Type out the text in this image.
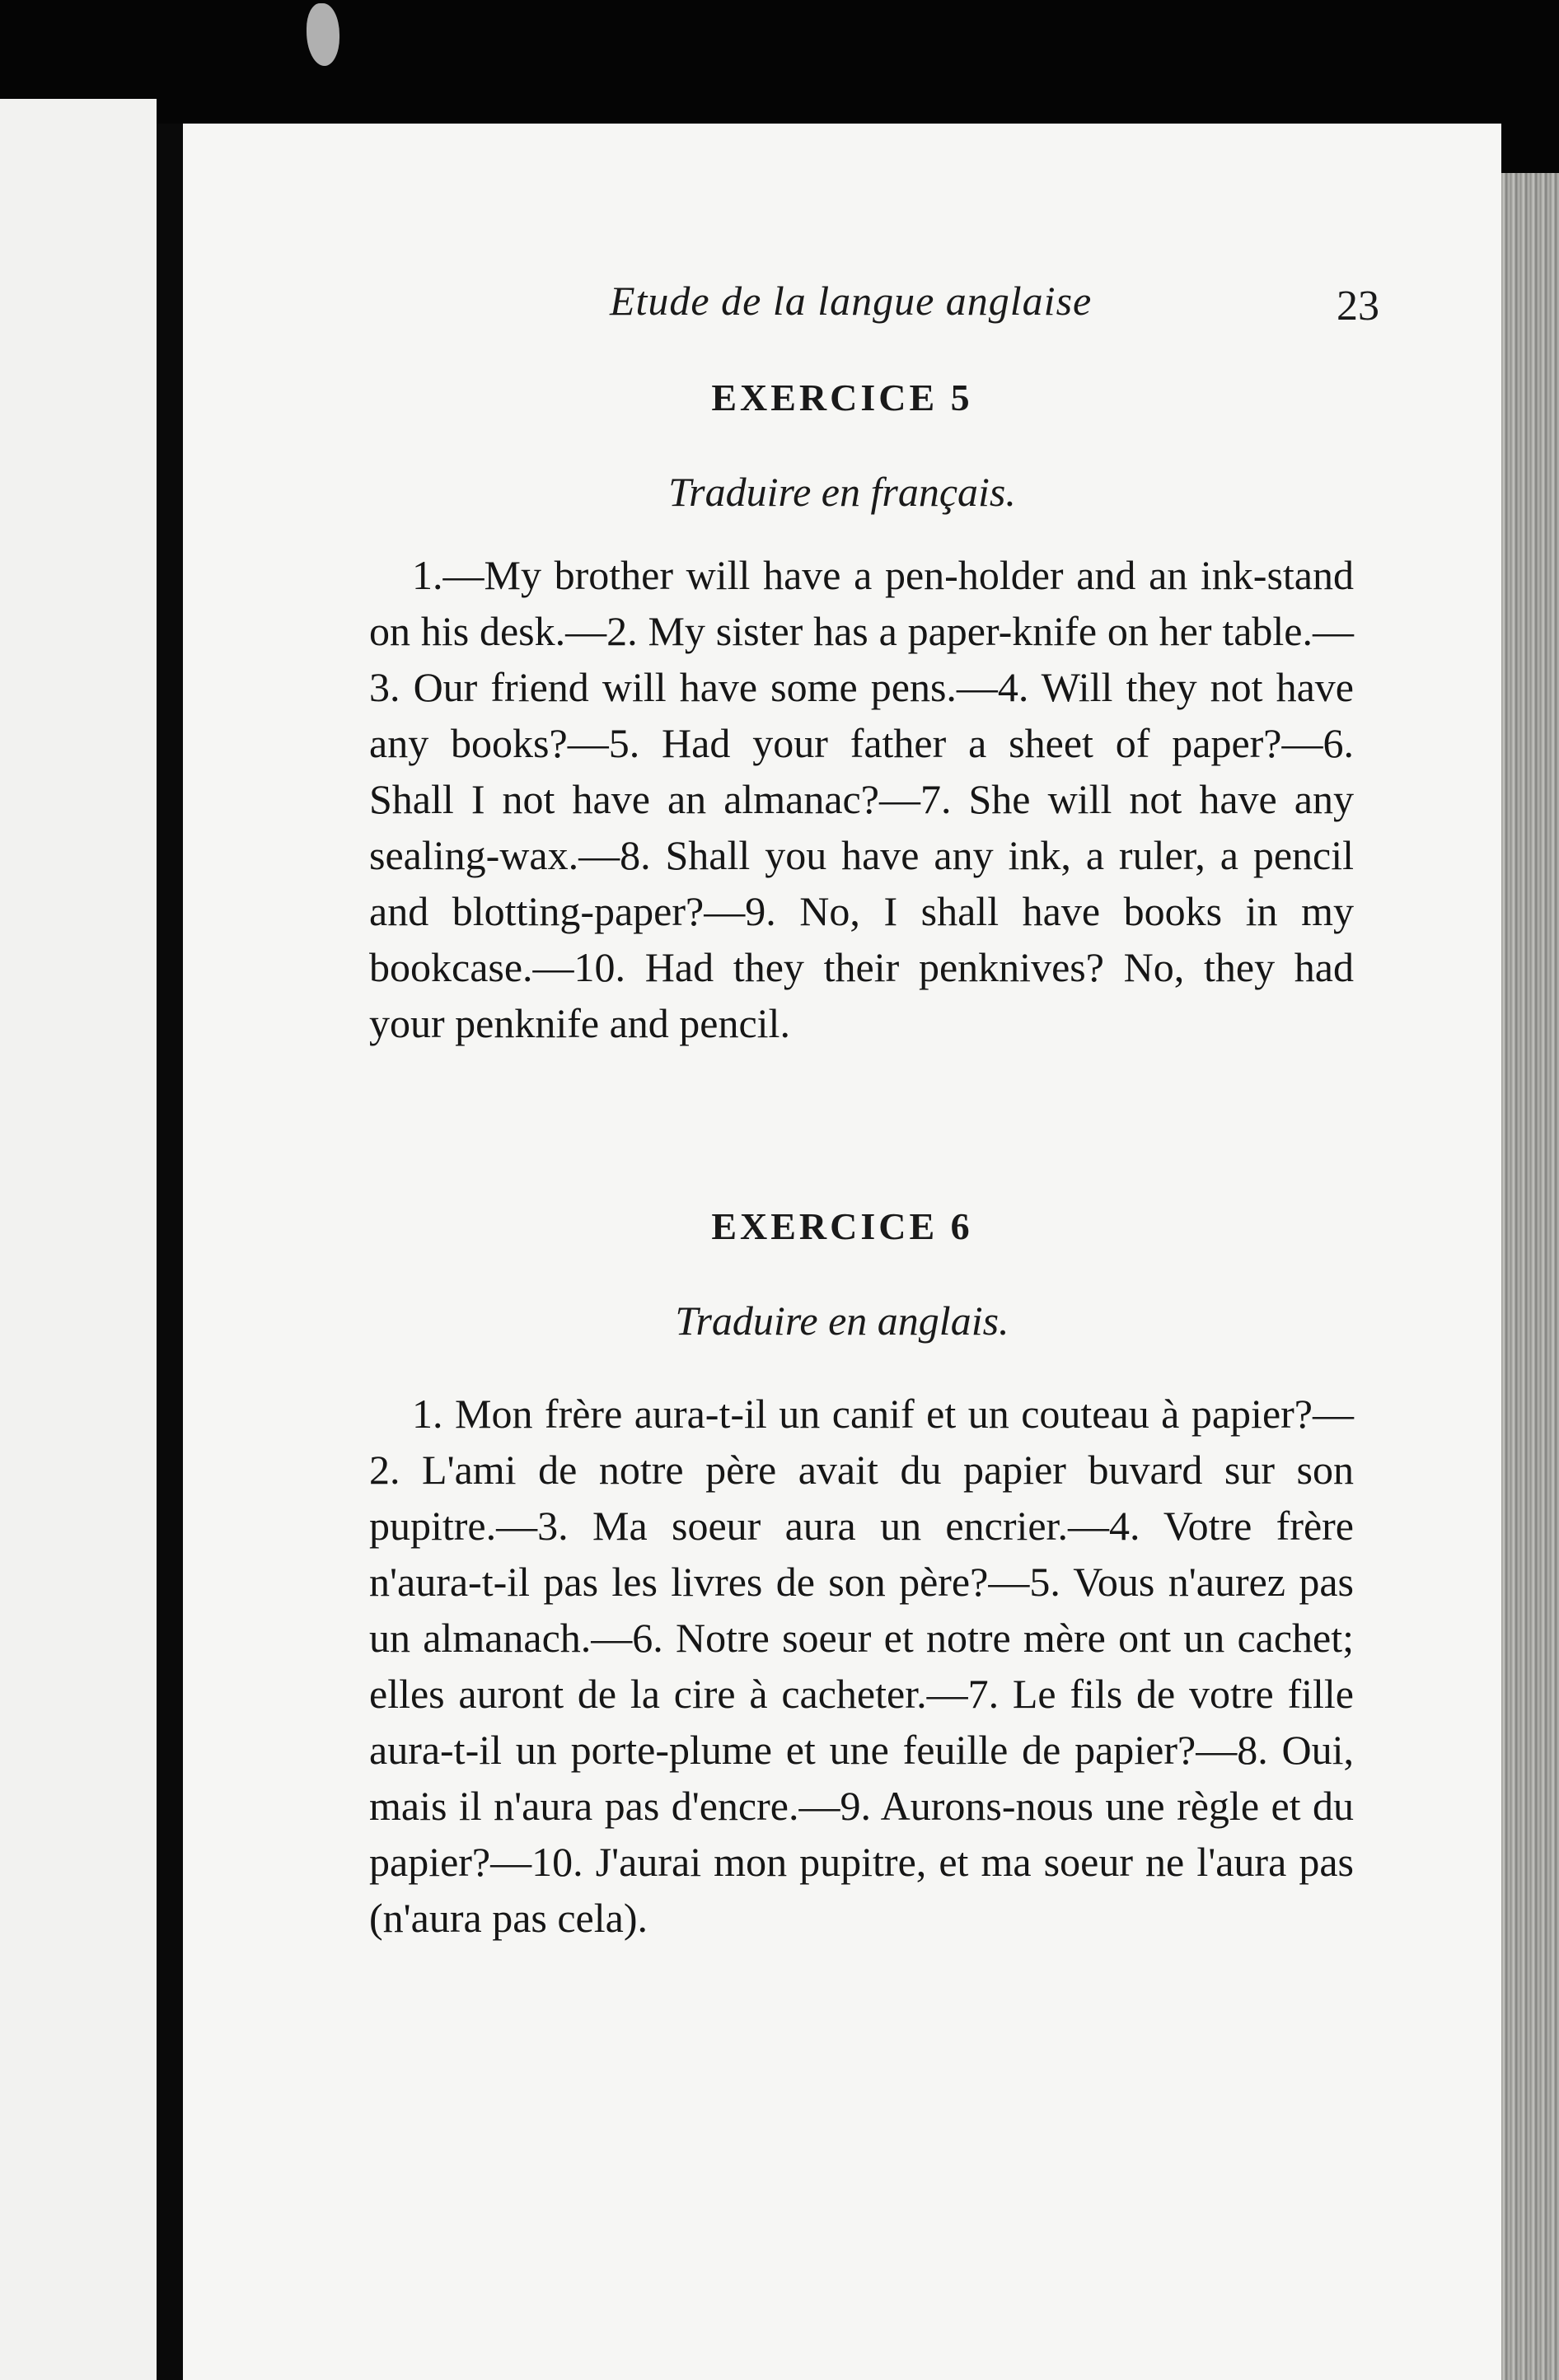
Etude de la langue anglaise	23
EXERCICE 5

Traduire en français.

1.—My brother will have a pen-holder and an ink-stand on his desk.—2. My sister has a paper-knife on her table.—3. Our friend will have some pens.—4. Will they not have any books?—5. Had your father a sheet of paper?—6. Shall I not have an almanac?—7. She will not have any sealing-wax.—8. Shall you have any ink, a ruler, a pencil and blotting-paper?—9. No, I shall have books in my bookcase.—10. Had they their penknives? No, they had your penknife and pencil.

EXERCICE 6

Traduire en anglais.

1. Mon frère aura-t-il un canif et un couteau à papier?—2. L'ami de notre père avait du papier buvard sur son pupitre.—3. Ma soeur aura un encrier.—4. Votre frère n'aura-t-il pas les livres de son père?—5. Vous n'aurez pas un almanach.—6. Notre soeur et notre mère ont un cachet; elles auront de la cire à cacheter.—7. Le fils de votre fille aura-t-il un porte-plume et une feuille de papier?—8. Oui, mais il n'aura pas d'encre.—9. Aurons-nous une règle et du papier?—10. J'aurai mon pupitre, et ma soeur ne l'aura pas (n'aura pas cela).
